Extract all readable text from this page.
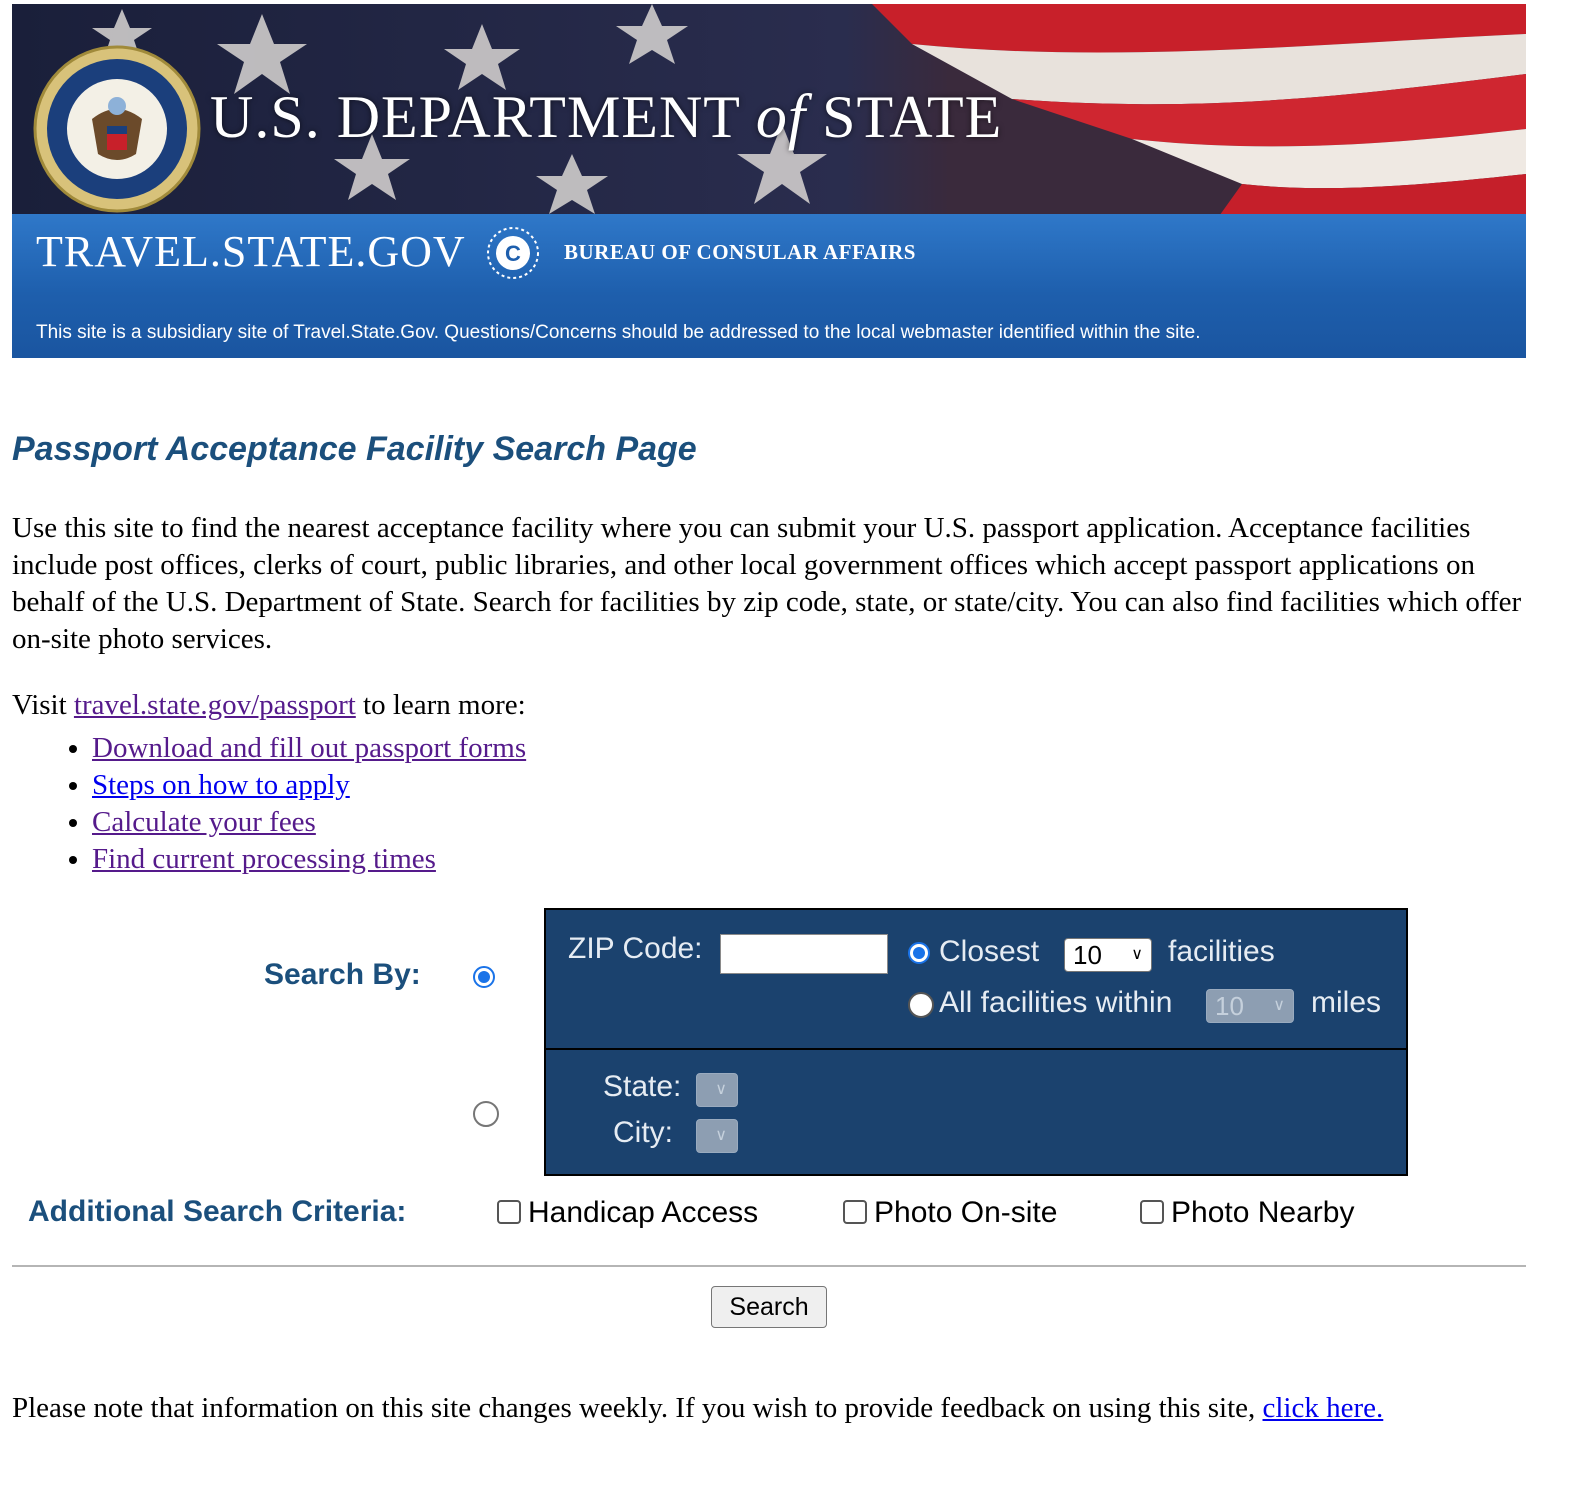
U.S. DEPARTMENT of STATE
TRAVEL.STATE.GOV C BUREAU OF CONSULAR AFFAIRS
This site is a subsidiary site of Travel.State.Gov. Questions/Concerns should be addressed to the local webmaster identified within the site.
Passport Acceptance Facility Search Page

Use this site to find the nearest acceptance facility where you can submit your U.S. passport application. Acceptance facilities include post offices, clerks of court, public libraries, and other local government offices which accept passport applications on behalf of the U.S. Department of State. Search for facilities by zip code, state, or state/city. You can also find facilities which offer on-site photo services.

Visit travel.state.gov/passport to learn more:
• Download and fill out passport forms
• Steps on how to apply
• Calculate your fees
• Find current processing times
Search By:
ZIP Code:	Closest 10 ∨ facilities
All facilities within 10 ∨ miles
State: ∨
City:	∨
Additional Search Criteria:	Handicap Access	Photo On-site	Photo Nearby
Search

Please note that information on this site changes weekly. If you wish to provide feedback on using this site, click here.
